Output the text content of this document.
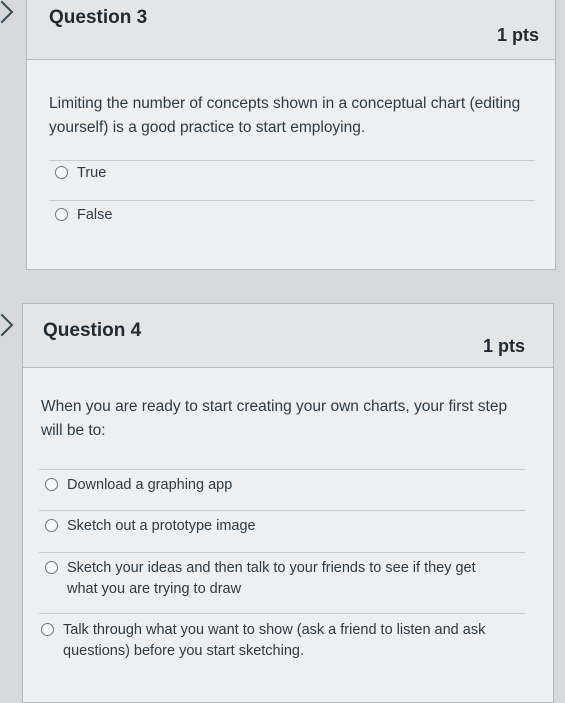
Question 3
1 pts
Limiting the number of concepts shown in a conceptual chart (editing yourself) is a good practice to start employing.
True
False
Question 4
1 pts
When you are ready to start creating your own charts, your first step will be to:
Download a graphing app
Sketch out a prototype image
Sketch your ideas and then talk to your friends to see if they get what you are trying to draw
Talk through what you want to show (ask a friend to listen and ask questions) before you start sketching.
